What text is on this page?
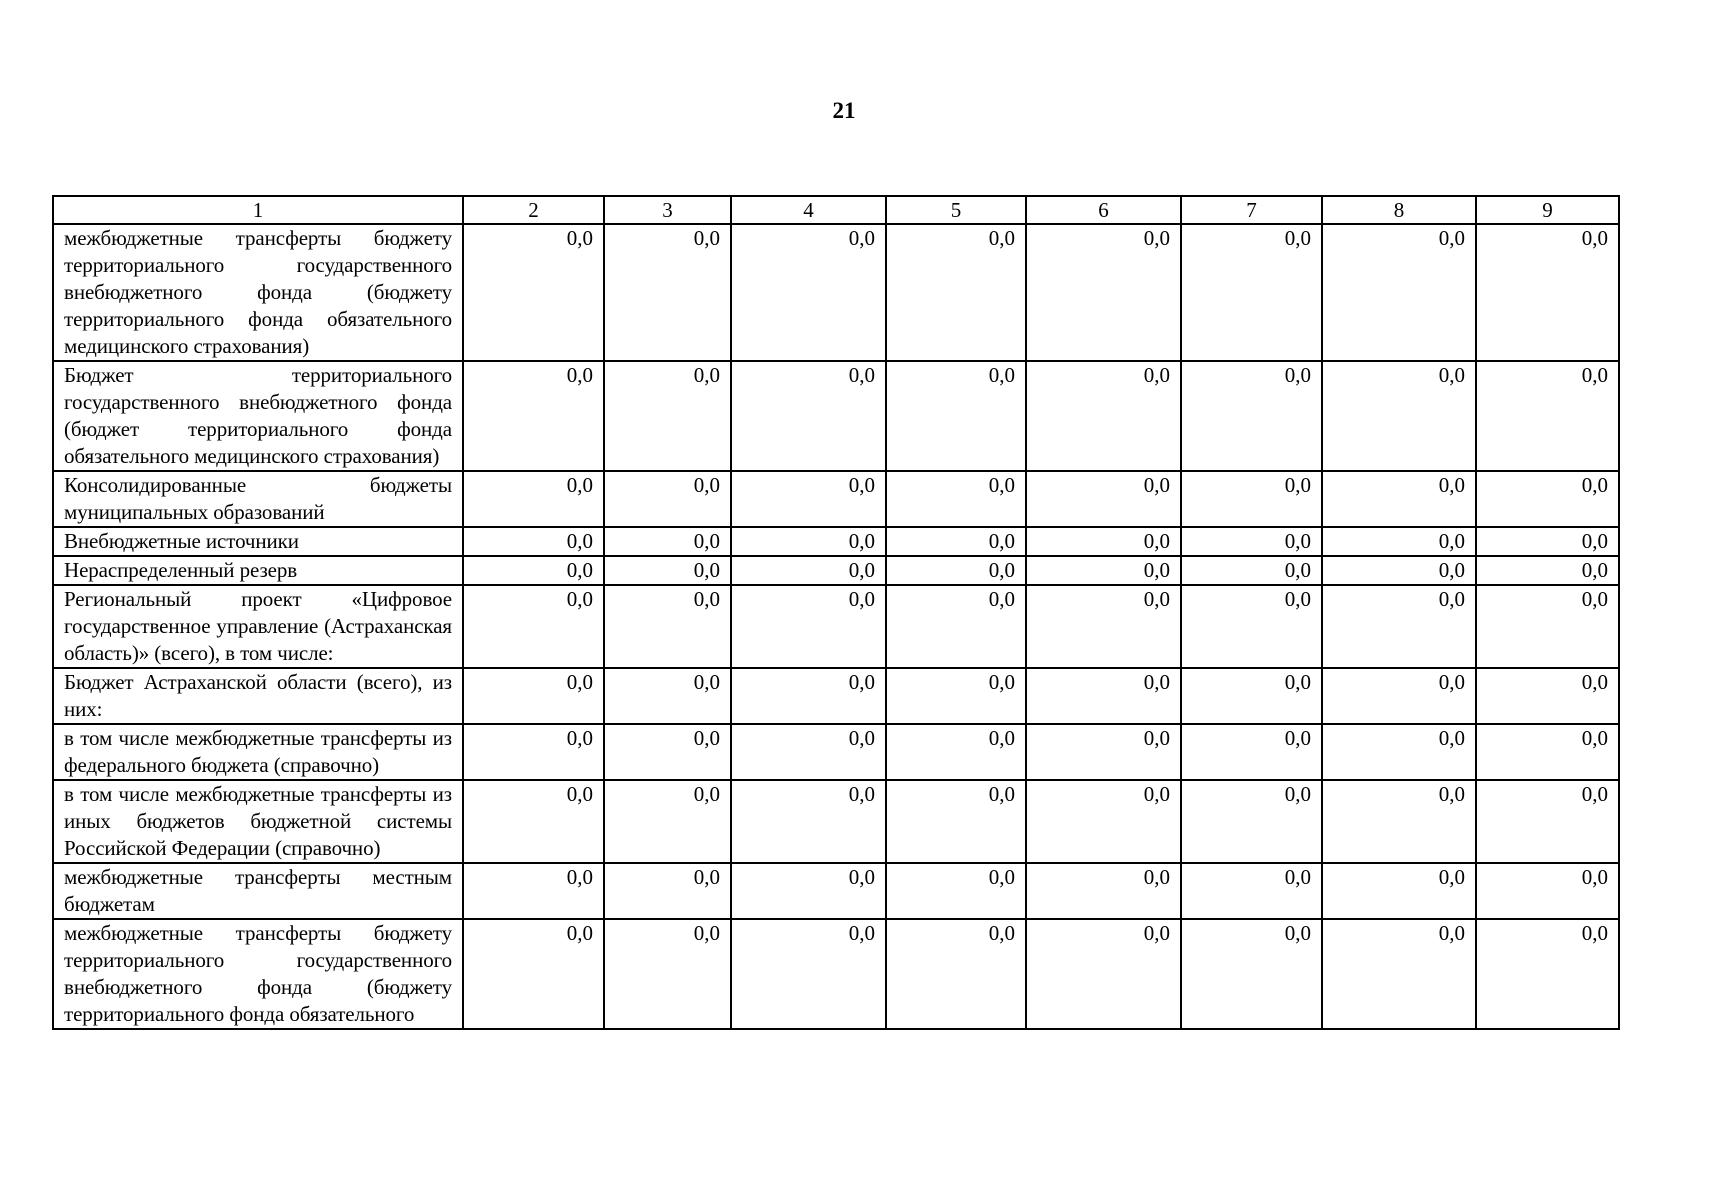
21
1	2	3	4	5	6	7	8	9
межбюджетные трансферты бюджету территориального государственного внебюджетного фонда (бюджету территориального фонда обязательного медицинского страхования)	0,0	0,0	0,0	0,0	0,0	0,0	0,0	0,0
Бюджет территориального государственного внебюджетного фонда (бюджет территориального фонда обязательного медицинского страхования)	0,0	0,0	0,0	0,0	0,0	0,0	0,0	0,0
Консолидированные бюджеты муниципальных образований	0,0	0,0	0,0	0,0	0,0	0,0	0,0	0,0
Внебюджетные источники	0,0	0,0	0,0	0,0	0,0	0,0	0,0	0,0
Нераспределенный резерв	0,0	0,0	0,0	0,0	0,0	0,0	0,0	0,0
Региональный проект «Цифровое государственное управление (Астраханская область)» (всего), в том числе:	0,0	0,0	0,0	0,0	0,0	0,0	0,0	0,0
Бюджет Астраханской области (всего), из них:	0,0	0,0	0,0	0,0	0,0	0,0	0,0	0,0
в том числе межбюджетные трансферты из федерального бюджета (справочно)	0,0	0,0	0,0	0,0	0,0	0,0	0,0	0,0
в том числе межбюджетные трансферты из иных бюджетов бюджетной системы Российской Федерации (справочно)	0,0	0,0	0,0	0,0	0,0	0,0	0,0	0,0
межбюджетные трансферты местным бюджетам	0,0	0,0	0,0	0,0	0,0	0,0	0,0	0,0
межбюджетные трансферты бюджету территориального государственного внебюджетного фонда (бюджету территориального фонда обязательного	0,0	0,0	0,0	0,0	0,0	0,0	0,0	0,0
